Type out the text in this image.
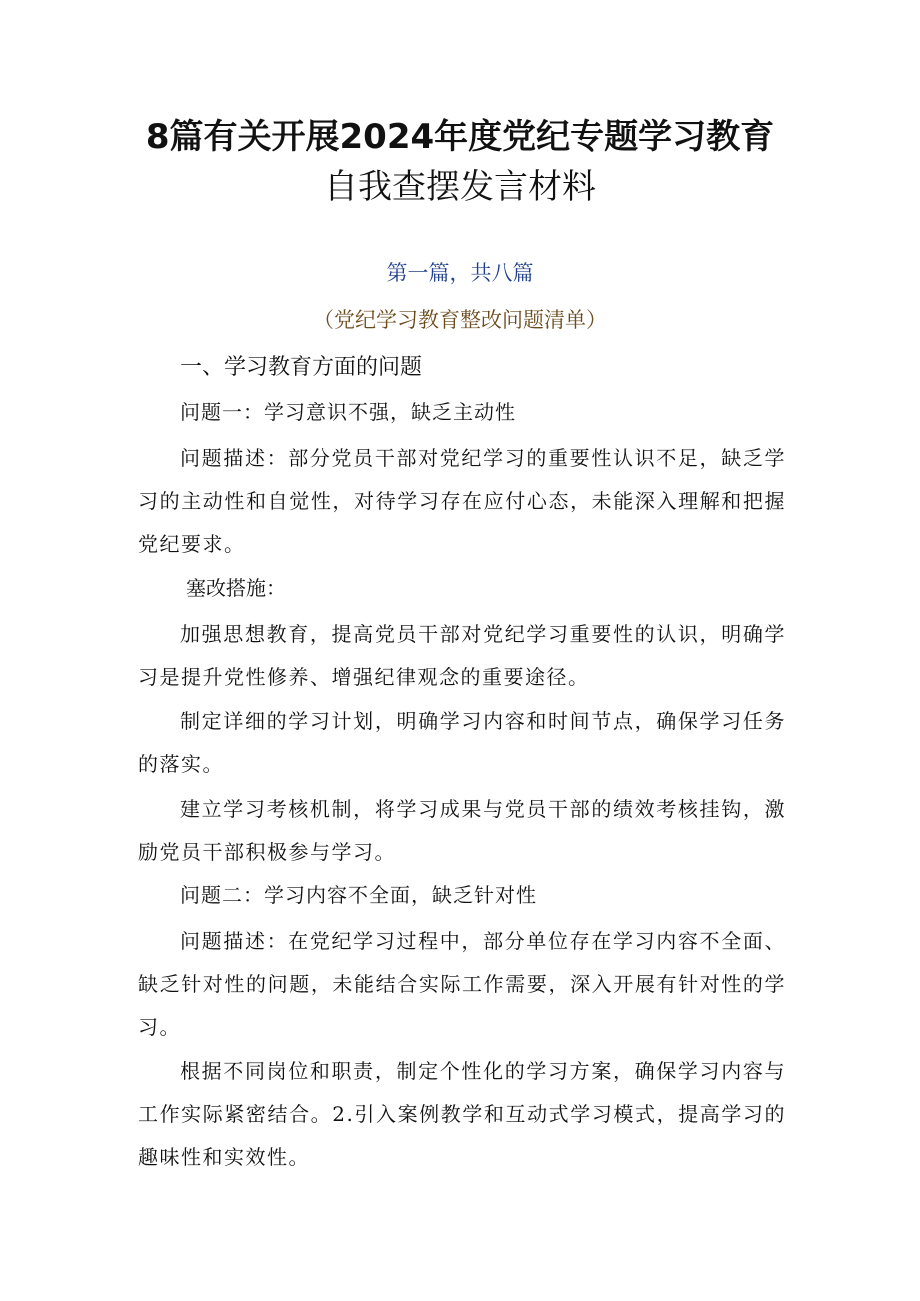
8篇有关开展2024年度党纪专题学习教育
自我查摆发言材料
第一篇，共八篇
（党纪学习教育整改问题清单）
一、学习教育方面的问题
问题一：学习意识不强，缺乏主动性

问题描述：部分党员干部对党纪学习的重要性认识不足，缺乏学习的主动性和自觉性，对待学习存在应付心态，未能深入理解和把握党纪要求。

塞改搭施：

加强思想教育，提高党员干部对党纪学习重要性的认识，明确学习是提升党性修养、增强纪律观念的重要途径。

制定详细的学习计划，明确学习内容和时间节点，确保学习任务的落实。

建立学习考核机制，将学习成果与党员干部的绩效考核挂钩，激励党员干部积极参与学习。

问题二：学习内容不全面，缺乏针对性

问题描述：在党纪学习过程中，部分单位存在学习内容不全面、缺乏针对性的问题，未能结合实际工作需要，深入开展有针对性的学习。

根据不同岗位和职责，制定个性化的学习方案，确保学习内容与工作实际紧密结合。2.引入案例教学和互动式学习模式，提高学习的趣味性和实效性。
